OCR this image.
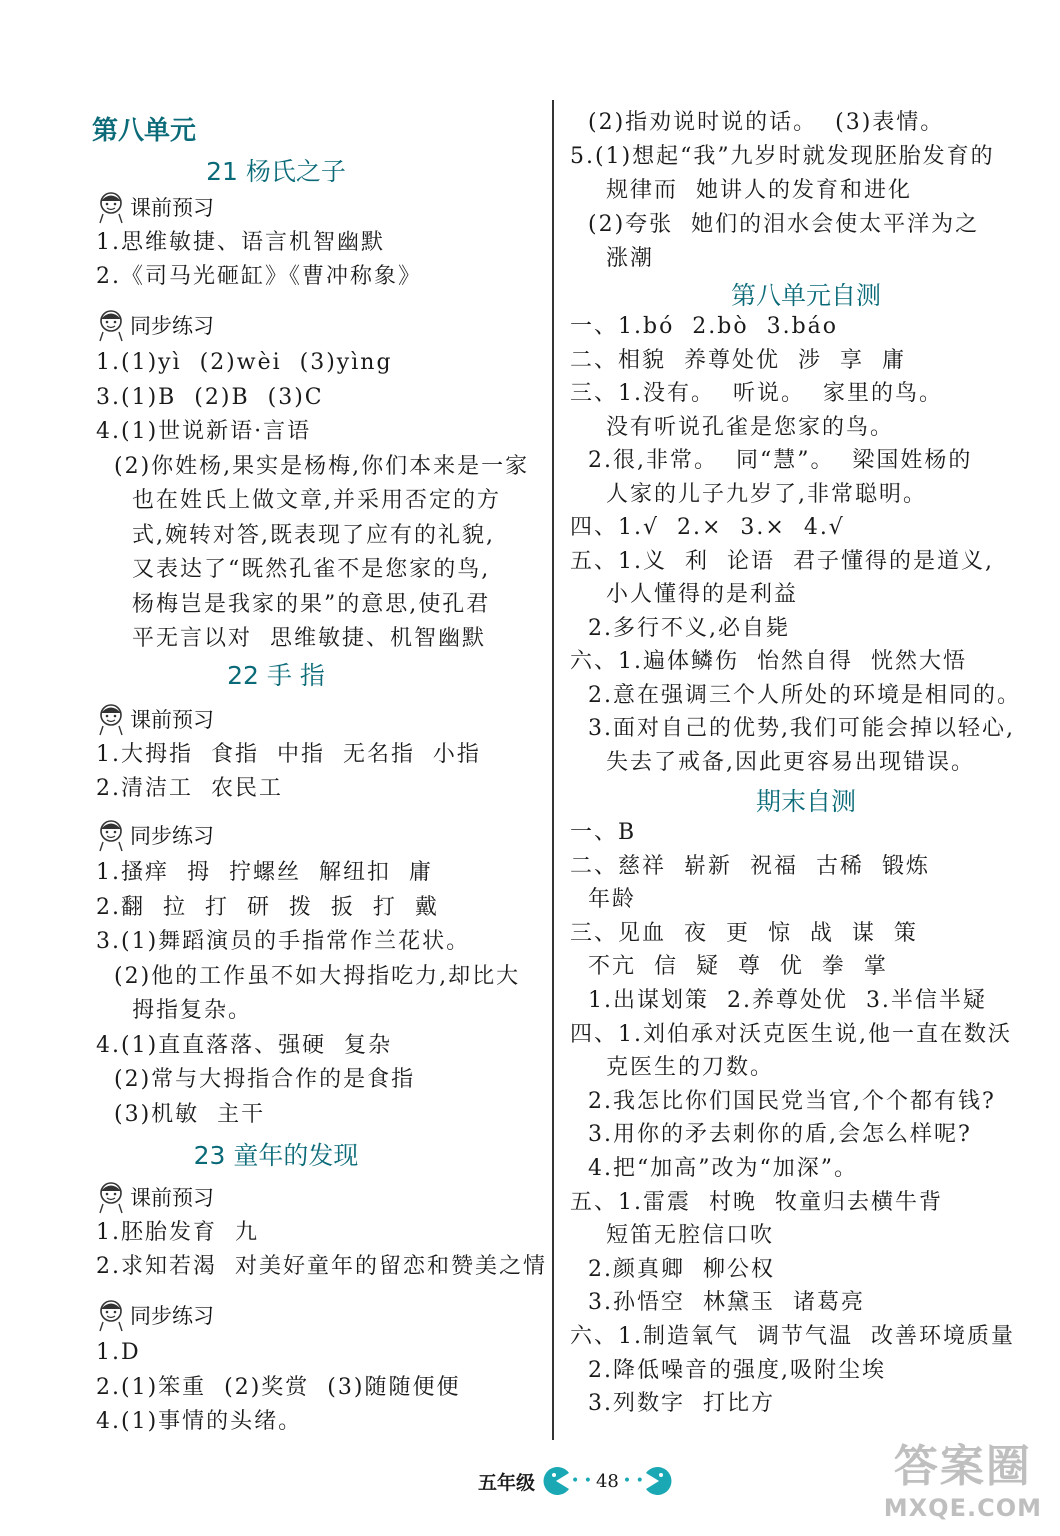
第八单元
21 杨氏之子
课前预习
1.思维敏捷、语言机智幽默
2.《司马光砸缸》《曹冲称象》
同步练习
1.(1)yì  (2)wèi  (3)yìng
3.(1)B  (2)B  (3)C
4.(1)世说新语·言语
(2)你姓杨,果实是杨梅,你们本来是一家
也在姓氏上做文章,并采用否定的方
式,婉转对答,既表现了应有的礼貌,
又表达了“既然孔雀不是您家的鸟,
杨梅岂是我家的果”的意思,使孔君
平无言以对  思维敏捷、机智幽默
22 手 指
课前预习
1.大拇指  食指  中指  无名指  小指
2.清洁工  农民工
同步练习
1.搔痒  拇  拧螺丝  解纽扣  庸
2.翻  拉  打  研  拨  扳  打  戴
3.(1)舞蹈演员的手指常作兰花状。
(2)他的工作虽不如大拇指吃力,却比大
拇指复杂。
4.(1)直直落落、强硬  复杂
(2)常与大拇指合作的是食指
(3)机敏  主干
23 童年的发现
课前预习
1.胚胎发育  九
2.求知若渴  对美好童年的留恋和赞美之情
同步练习
1.D
2.(1)笨重  (2)奖赏  (3)随随便便
4.(1)事情的头绪。
(2)指劝说时说的话。  (3)表情。
5.(1)想起“我”九岁时就发现胚胎发育的
规律而  她讲人的发育和进化
(2)夸张  她们的泪水会使太平洋为之
涨潮
第八单元自测
一、1.bó  2.bò  3.báo
二、相貌  养尊处优  涉  享  庸
三、1.没有。  听说。  家里的鸟。
没有听说孔雀是您家的鸟。
2.很,非常。  同“慧”。  梁国姓杨的
人家的儿子九岁了,非常聪明。
四、1.√  2.×  3.×  4.√
五、1.义  利  论语  君子懂得的是道义,
小人懂得的是利益
2.多行不义,必自毙
六、1.遍体鳞伤  怡然自得  恍然大悟
2.意在强调三个人所处的环境是相同的。
3.面对自己的优势,我们可能会掉以轻心,
失去了戒备,因此更容易出现错误。
期末自测
一、B
二、慈祥  崭新  祝福  古稀  锻炼
年龄
三、见血  夜  更  惊  战  谋  策
不亢  信  疑  尊  优  拳  掌
1.出谋划策  2.养尊处优  3.半信半疑
四、1.刘伯承对沃克医生说,他一直在数沃
克医生的刀数。
2.我怎比你们国民党当官,个个都有钱?
3.用你的矛去刺你的盾,会怎么样呢?
4.把“加高”改为“加深”。
五、1.雷震  村晚  牧童归去横牛背
短笛无腔信口吹
2.颜真卿  柳公权
3.孙悟空  林黛玉  诸葛亮
六、1.制造氧气  调节气温  改善环境质量
2.降低噪音的强度,吸附尘埃
3.列数字  打比方
五年级	• • 48 • •	答案圈
MXQE.COM
